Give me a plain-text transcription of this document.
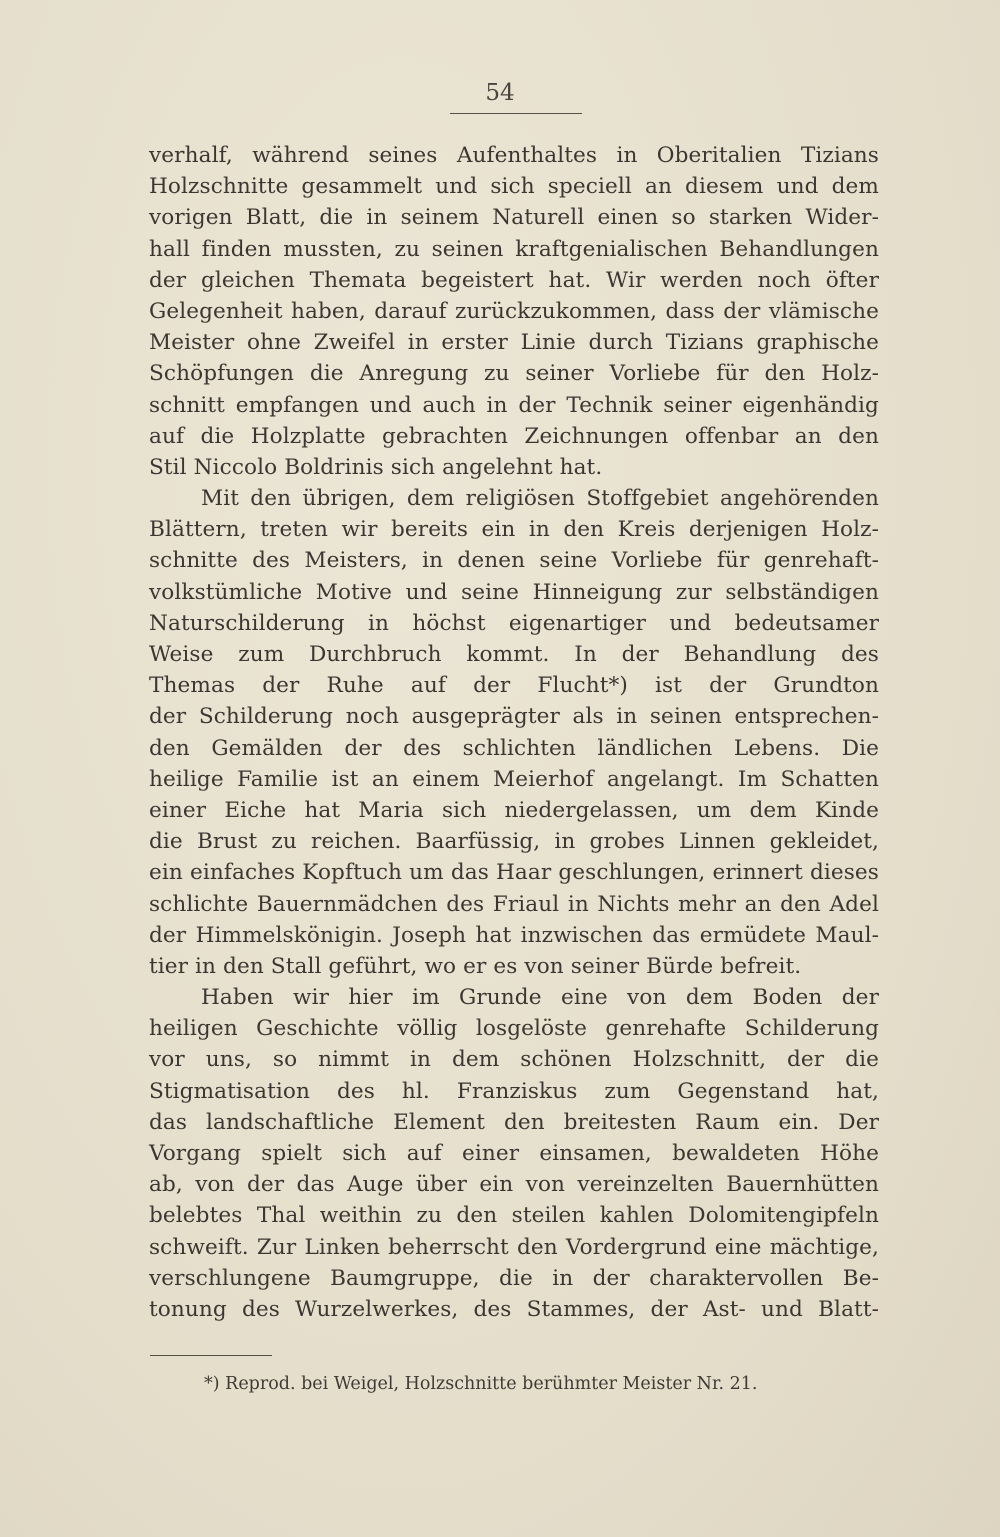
54
verhalf, während seines Aufenthaltes in Oberitalien Tizians
Holzschnitte gesammelt und sich speciell an diesem und dem
vorigen Blatt, die in seinem Naturell einen so starken Wider-
hall finden mussten, zu seinen kraftgenialischen Behandlungen
der gleichen Themata begeistert hat. Wir werden noch öfter
Gelegenheit haben, darauf zurückzukommen, dass der vlämische
Meister ohne Zweifel in erster Linie durch Tizians graphische
Schöpfungen die Anregung zu seiner Vorliebe für den Holz-
schnitt empfangen und auch in der Technik seiner eigenhändig
auf die Holzplatte gebrachten Zeichnungen offenbar an den
Stil Niccolo Boldrinis sich angelehnt hat.
Mit den übrigen, dem religiösen Stoffgebiet angehörenden
Blättern, treten wir bereits ein in den Kreis derjenigen Holz-
schnitte des Meisters, in denen seine Vorliebe für genrehaft-
volkstümliche Motive und seine Hinneigung zur selbständigen
Naturschilderung in höchst eigenartiger und bedeutsamer
Weise zum Durchbruch kommt. In der Behandlung des
Themas der Ruhe auf der Flucht*) ist der Grundton
der Schilderung noch ausgeprägter als in seinen entsprechen-
den Gemälden der des schlichten ländlichen Lebens. Die
heilige Familie ist an einem Meierhof angelangt. Im Schatten
einer Eiche hat Maria sich niedergelassen, um dem Kinde
die Brust zu reichen. Baarfüssig, in grobes Linnen gekleidet,
ein einfaches Kopftuch um das Haar geschlungen, erinnert dieses
schlichte Bauernmädchen des Friaul in Nichts mehr an den Adel
der Himmelskönigin. Joseph hat inzwischen das ermüdete Maul-
tier in den Stall geführt, wo er es von seiner Bürde befreit.
Haben wir hier im Grunde eine von dem Boden der
heiligen Geschichte völlig losgelöste genrehafte Schilderung
vor uns, so nimmt in dem schönen Holzschnitt, der die
Stigmatisation des hl. Franziskus zum Gegenstand hat,
das landschaftliche Element den breitesten Raum ein. Der
Vorgang spielt sich auf einer einsamen, bewaldeten Höhe
ab, von der das Auge über ein von vereinzelten Bauernhütten
belebtes Thal weithin zu den steilen kahlen Dolomitengipfeln
schweift. Zur Linken beherrscht den Vordergrund eine mächtige,
verschlungene Baumgruppe, die in der charaktervollen Be-
tonung des Wurzelwerkes, des Stammes, der Ast- und Blatt-
*) Reprod. bei Weigel, Holzschnitte berühmter Meister Nr. 21.
